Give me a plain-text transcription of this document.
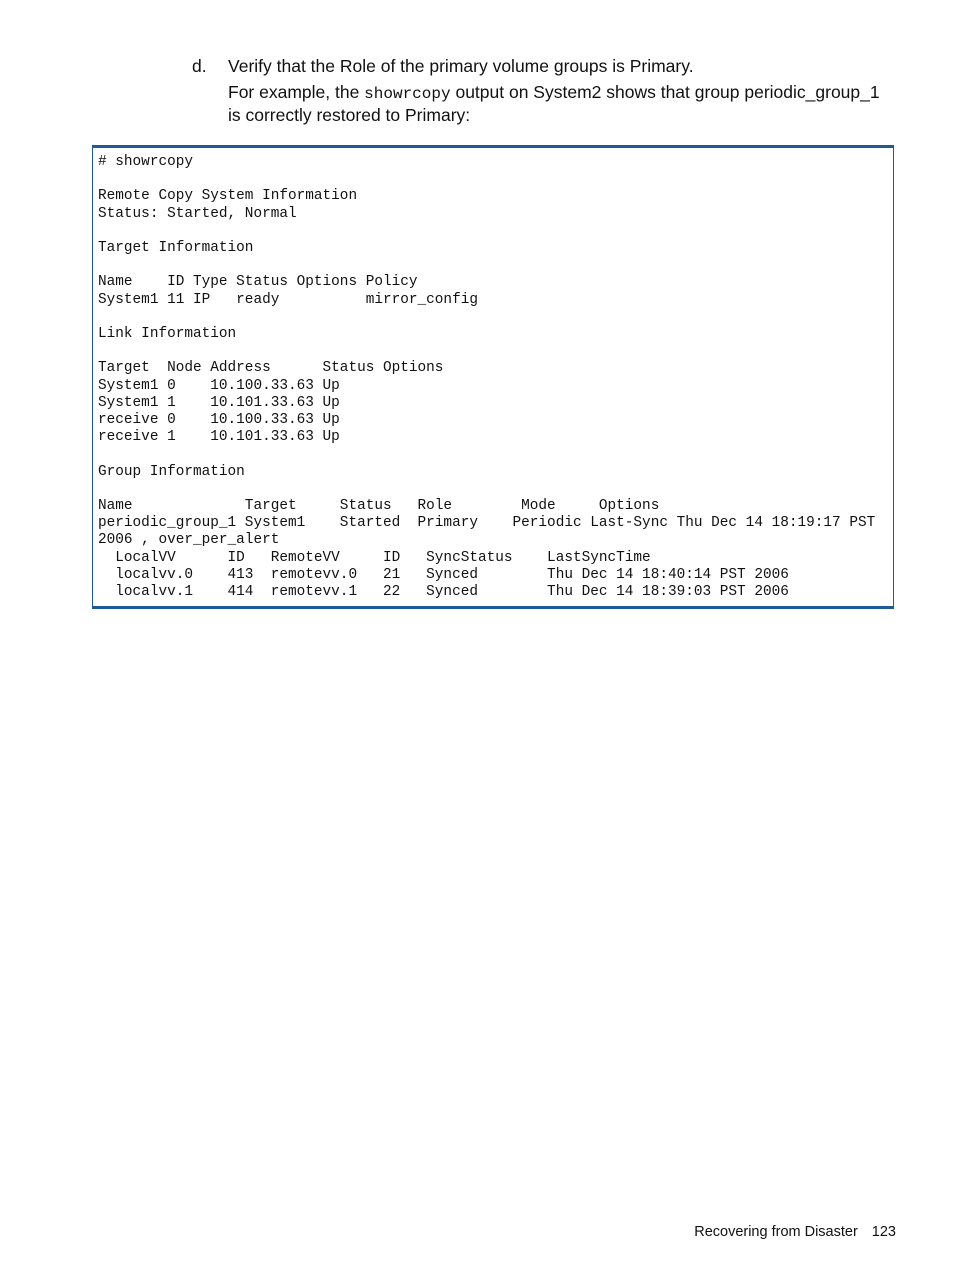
d. Verify that the Role of the primary volume groups is Primary.
For example, the showrcopy output on System2 shows that group periodic_group_1 is correctly restored to Primary:
# showrcopy

Remote Copy System Information
Status: Started, Normal

Target Information

Name    ID Type Status Options Policy
System1 11 IP   ready          mirror_config

Link Information

Target  Node Address      Status Options
System1 0    10.100.33.63 Up
System1 1    10.101.33.63 Up
receive 0    10.100.33.63 Up
receive 1    10.101.33.63 Up

Group Information

Name             Target     Status   Role        Mode     Options
periodic_group_1 System1    Started  Primary    Periodic Last-Sync Thu Dec 14 18:19:17 PST
2006 , over_per_alert
LocalVV      ID   RemoteVV     ID   SyncStatus    LastSyncTime
localvv.0    413  remotevv.0   21   Synced        Thu Dec 14 18:40:14 PST 2006
localvv.1    414  remotevv.1   22   Synced        Thu Dec 14 18:39:03 PST 2006
Recovering from Disaster 123
